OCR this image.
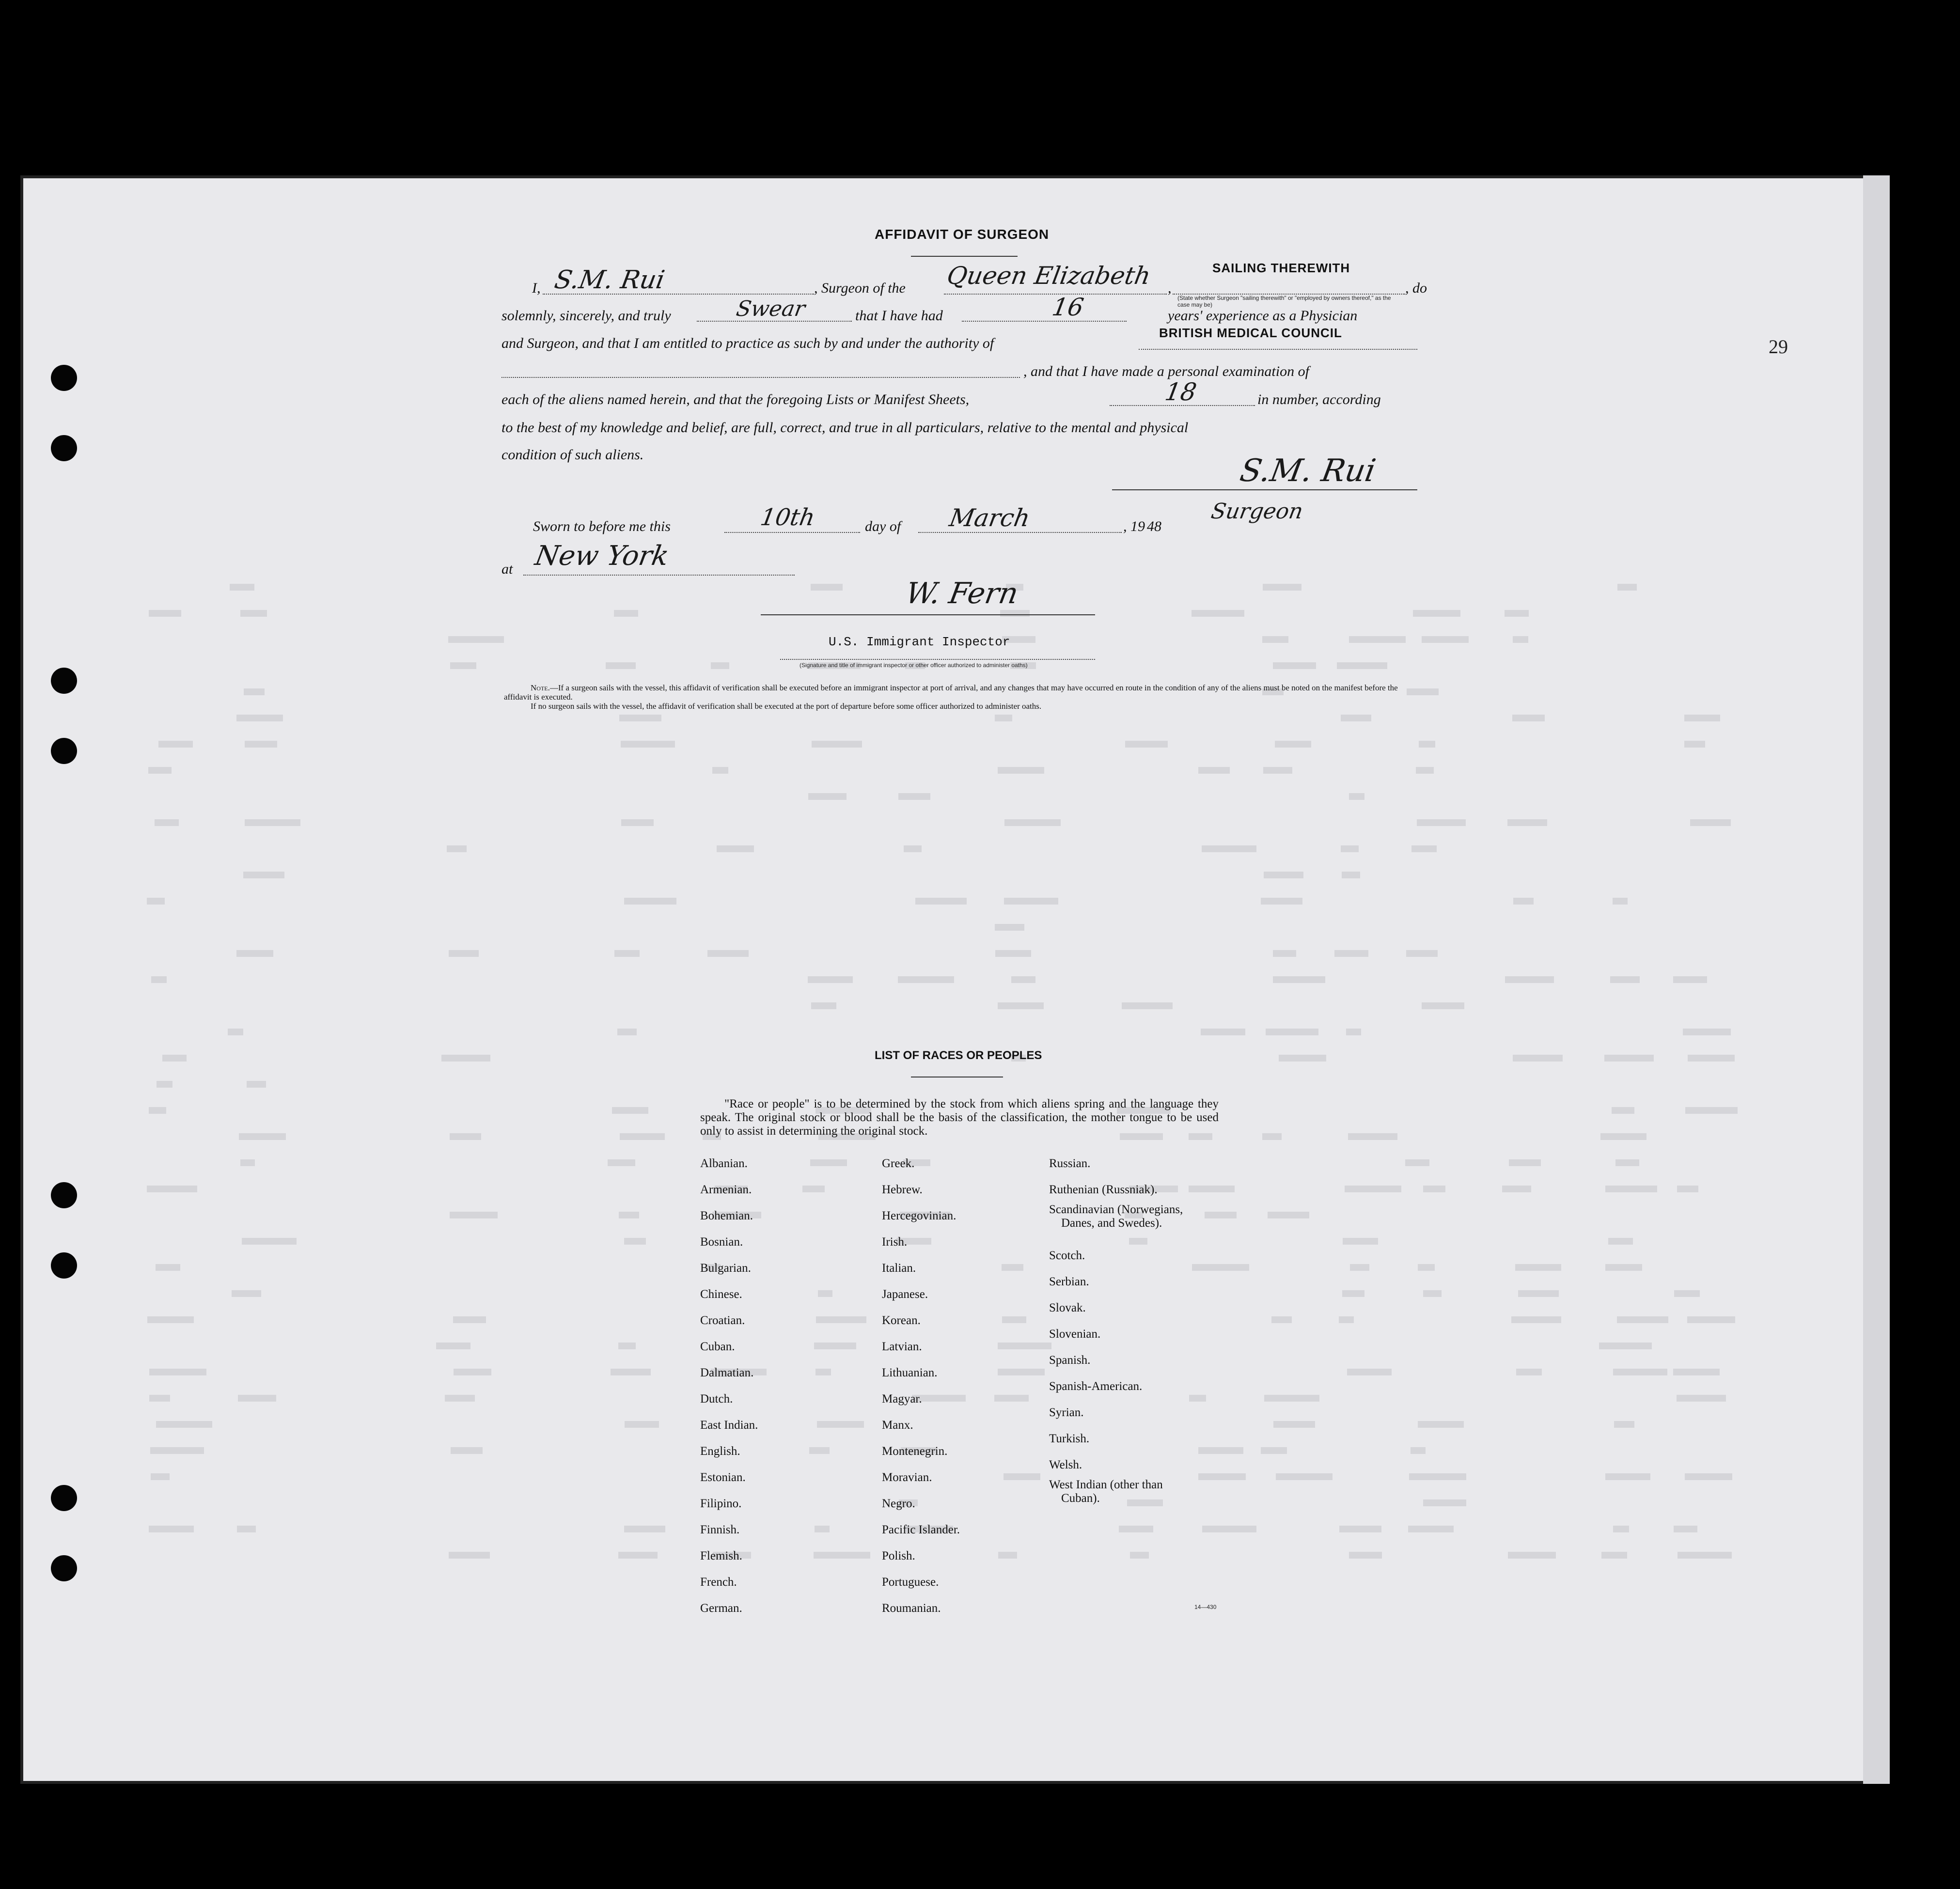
29
AFFIDAVIT OF SURGEON
I, S.M. Rui	, Surgeon of the Queen Elizabeth ,
SAILING THEREWITH
(State whether Surgeon "sailing therewith" or "employed by owners thereof," as the case may be)
, do
solemnly, sincerely, and truly	Swear	that I have had	16	years' experience as a Physician
and Surgeon, and that I am entitled to practice as such by and under the authority of
BRITISH MEDICAL COUNCIL
, and that I have made a personal examination of
each of the aliens named herein, and that the foregoing Lists or Manifest Sheets,	18	in number, according
to the best of my knowledge and belief, are full, correct, and true in all particulars, relative to the mental and physical
condition of such aliens.	S.M. Rui
Surgeon
Sworn to before me this	10th	day of March	, 19 48
at New York
W. Fern
U.S. Immigrant Inspector
(Signature and title of immigrant inspector or other officer authorized to administer oaths)
Note.—If a surgeon sails with the vessel, this affidavit of verification shall be executed before an immigrant inspector at port of arrival, and any changes that may have occurred en route in the condition of any of the aliens must be noted on the manifest before the affidavit is executed.
If no surgeon sails with the vessel, the affidavit of verification shall be executed at the port of departure before some officer authorized to administer oaths.
LIST OF RACES OR PEOPLES
"Race or people" is to be determined by the stock from which aliens spring and the language they speak. The original stock or blood shall be the basis of the classification, the mother tongue to be used only to assist in determining the original stock.
Albanian.
Armenian.
Bohemian.
Bosnian.
Bulgarian.
Chinese.
Croatian.
Cuban.
Dalmatian.
Dutch.
East Indian.
English.
Estonian.
Filipino.
Finnish.
Flemish.
French.
German.
Greek.
Hebrew.
Hercegovinian.
Irish.
Italian.
Japanese.
Korean.
Latvian.
Lithuanian.
Magyar.
Manx.
Montenegrin.
Moravian.
Negro.
Pacific Islander.
Polish.
Portuguese.
Roumanian.
Russian.
Ruthenian (Russniak).
Scandinavian (Norwegians,
Danes, and Swedes).
Scotch.
Serbian.
Slovak.
Slovenian.
Spanish.
Spanish-American.
Syrian.
Turkish.
Welsh.
West Indian (other than
Cuban).
14—430
